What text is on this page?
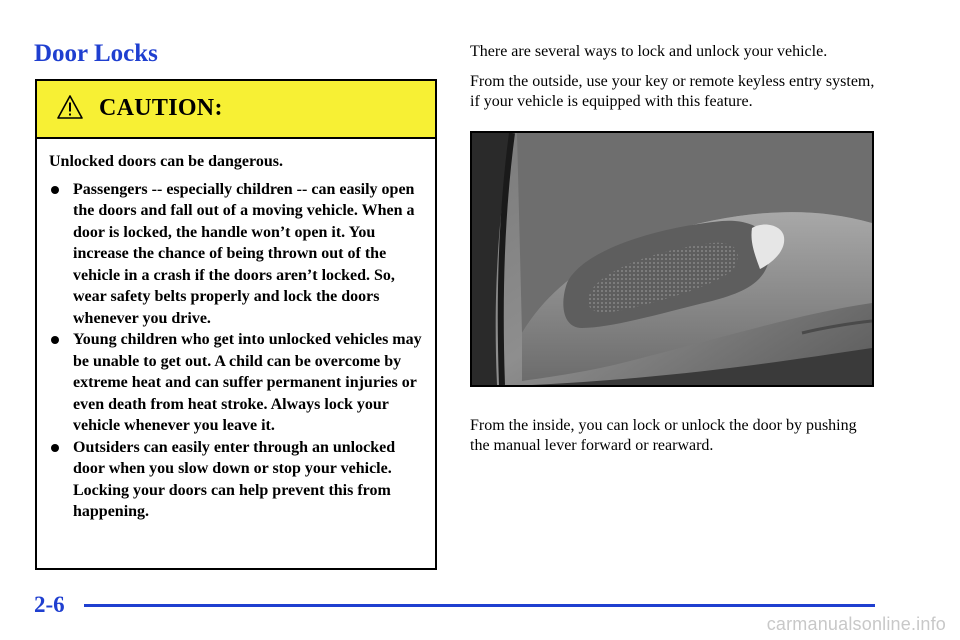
Door Locks
CAUTION:

Unlocked doors can be dangerous.

Passengers -- especially children -- can easily open the doors and fall out of a moving vehicle. When a door is locked, the handle won’t open it. You increase the chance of being thrown out of the vehicle in a crash if the doors aren’t locked. So, wear safety belts properly and lock the doors whenever you drive.
Young children who get into unlocked vehicles may be unable to get out. A child can be overcome by extreme heat and can suffer permanent injuries or even death from heat stroke. Always lock your vehicle whenever you leave it.
Outsiders can easily enter through an unlocked door when you slow down or stop your vehicle. Locking your doors can help prevent this from happening.

There are several ways to lock and unlock your vehicle.

From the outside, use your key or remote keyless entry system, if your vehicle is equipped with this feature.

From the inside, you can lock or unlock the door by pushing the manual lever forward or rearward.

2-6
carmanualsonline.info
